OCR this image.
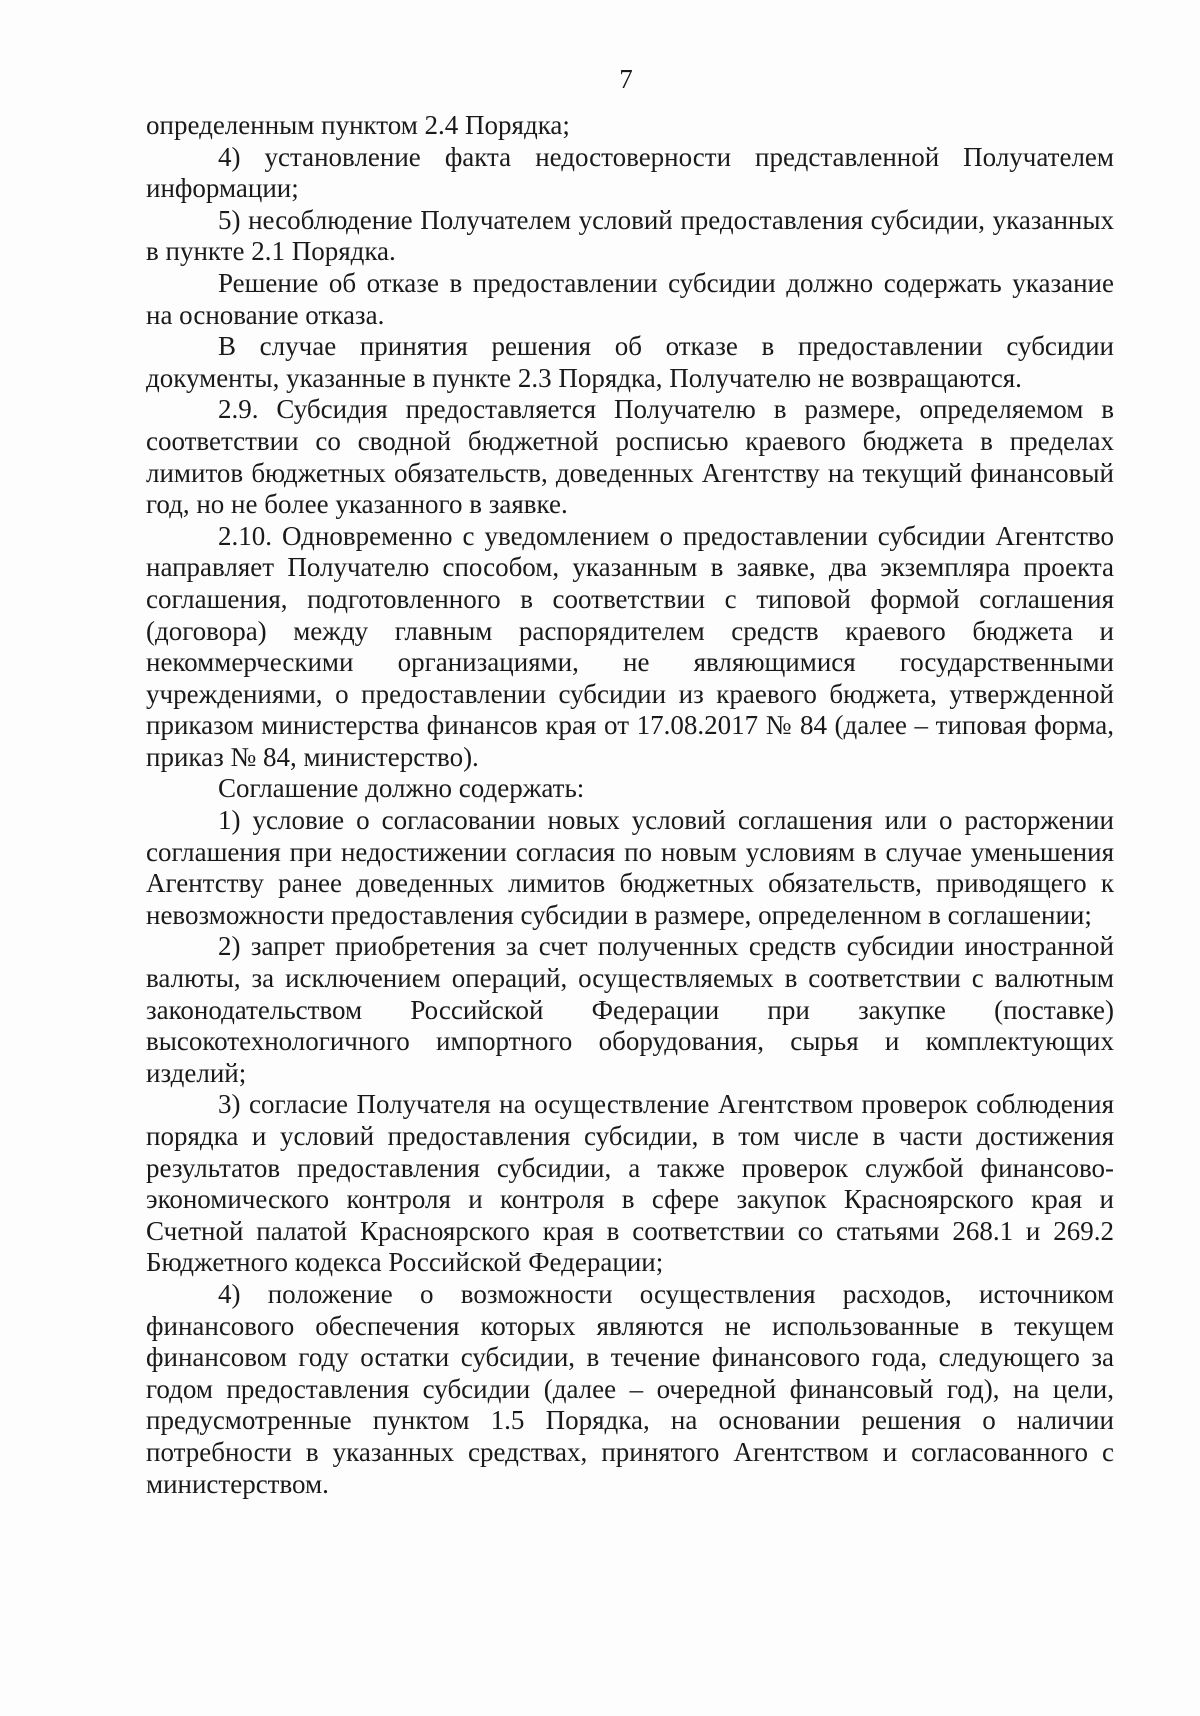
7

определенным пунктом 2.4 Порядка;

4) установление факта недостоверности представленной Получателем информации;

5) несоблюдение Получателем условий предоставления субсидии, указанных в пункте 2.1 Порядка.

Решение об отказе в предоставлении субсидии должно содержать указание на основание отказа.

В случае принятия решения об отказе в предоставлении субсидии документы, указанные в пункте 2.3 Порядка, Получателю не возвращаются.

2.9. Субсидия предоставляется Получателю в размере, определяемом в соответствии со сводной бюджетной росписью краевого бюджета в пределах лимитов бюджетных обязательств, доведенных Агентству на текущий финансовый год, но не более указанного в заявке.

2.10. Одновременно с уведомлением о предоставлении субсидии Агентство направляет Получателю способом, указанным в заявке, два экземпляра проекта соглашения, подготовленного в соответствии с типовой формой соглашения (договора) между главным распорядителем средств краевого бюджета и некоммерческими организациями, не являющимися государственными учреждениями, о предоставлении субсидии из краевого бюджета, утвержденной приказом министерства финансов края от 17.08.2017 № 84 (далее – типовая форма, приказ № 84, министерство).

Соглашение должно содержать:

1) условие о согласовании новых условий соглашения или о расторжении соглашения при недостижении согласия по новым условиям в случае уменьшения Агентству ранее доведенных лимитов бюджетных обязательств, приводящего к невозможности предоставления субсидии в размере, определенном в соглашении;

2) запрет приобретения за счет полученных средств субсидии иностранной валюты, за исключением операций, осуществляемых в соответствии с валютным законодательством Российской Федерации при закупке (поставке) высокотехнологичного импортного оборудования, сырья и комплектующих изделий;

3) согласие Получателя на осуществление Агентством проверок соблюдения порядка и условий предоставления субсидии, в том числе в части достижения результатов предоставления субсидии, а также проверок службой финансово-экономического контроля и контроля в сфере закупок Красноярского края и Счетной палатой Красноярского края в соответствии со статьями 268.1 и 269.2 Бюджетного кодекса Российской Федерации;

4) положение о возможности осуществления расходов, источником финансового обеспечения которых являются не использованные в текущем финансовом году остатки субсидии, в течение финансового года, следующего за годом предоставления субсидии (далее – очередной финансовый год), на цели, предусмотренные пунктом 1.5 Порядка, на основании решения о наличии потребности в указанных средствах, принятого Агентством и согласованного с министерством.
